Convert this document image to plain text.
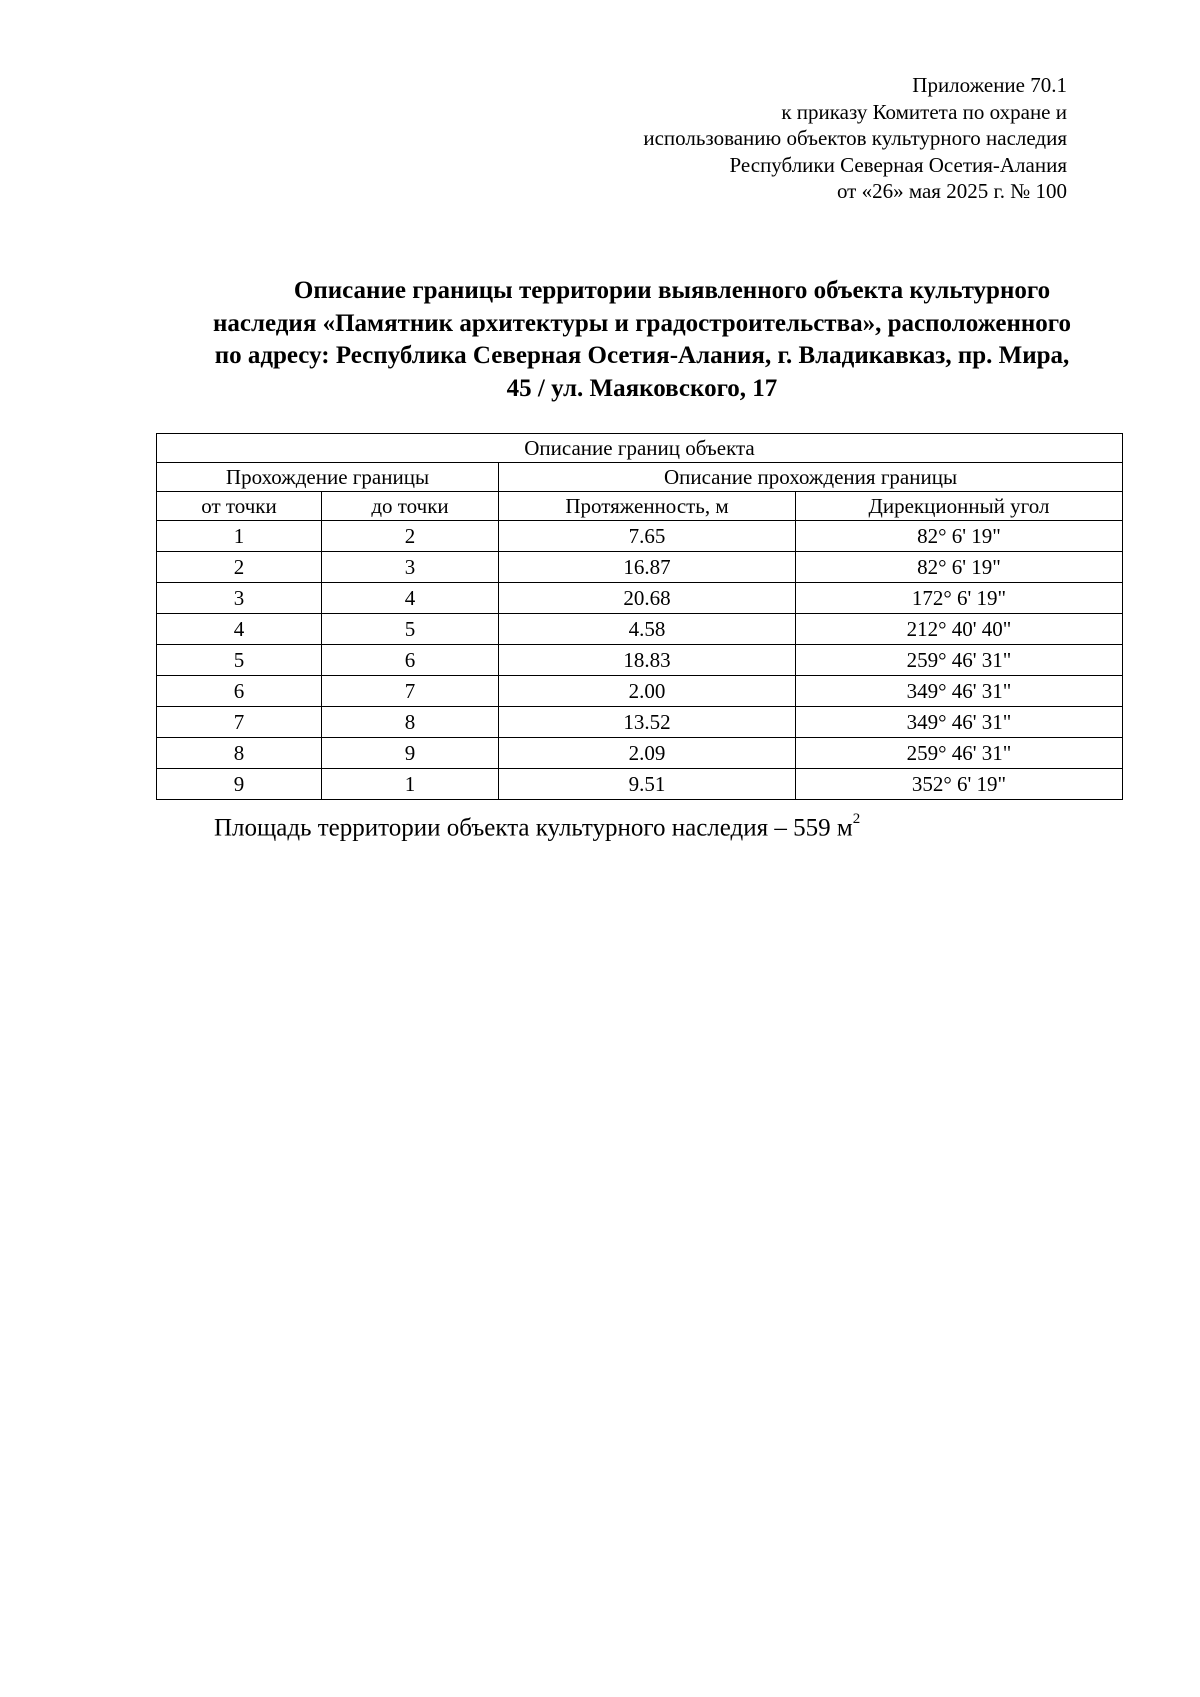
Приложение 70.1
к приказу Комитета по охране и
использованию объектов культурного наследия
Республики Северная Осетия-Алания
от «26» мая 2025 г. № 100
Описание границы территории выявленного объекта культурного
наследия «Памятник архитектуры и градостроительства», расположенного
по адресу: Республика Северная Осетия-Алания, г. Владикавказ, пр. Мира,
45 / ул. Маяковского, 17
Описание границ объекта			
Прохождение границы		Описание прохождения границы	
от точки	до точки	Протяженность, м	Дирекционный угол
1	2	7.65	82° 6' 19"
2	3	16.87	82° 6' 19"
3	4	20.68	172° 6' 19"
4	5	4.58	212° 40' 40"
5	6	18.83	259° 46' 31"
6	7	2.00	349° 46' 31"
7	8	13.52	349° 46' 31"
8	9	2.09	259° 46' 31"
9	1	9.51	352° 6' 19"
Площадь территории объекта культурного наследия – 559 $м^2$
